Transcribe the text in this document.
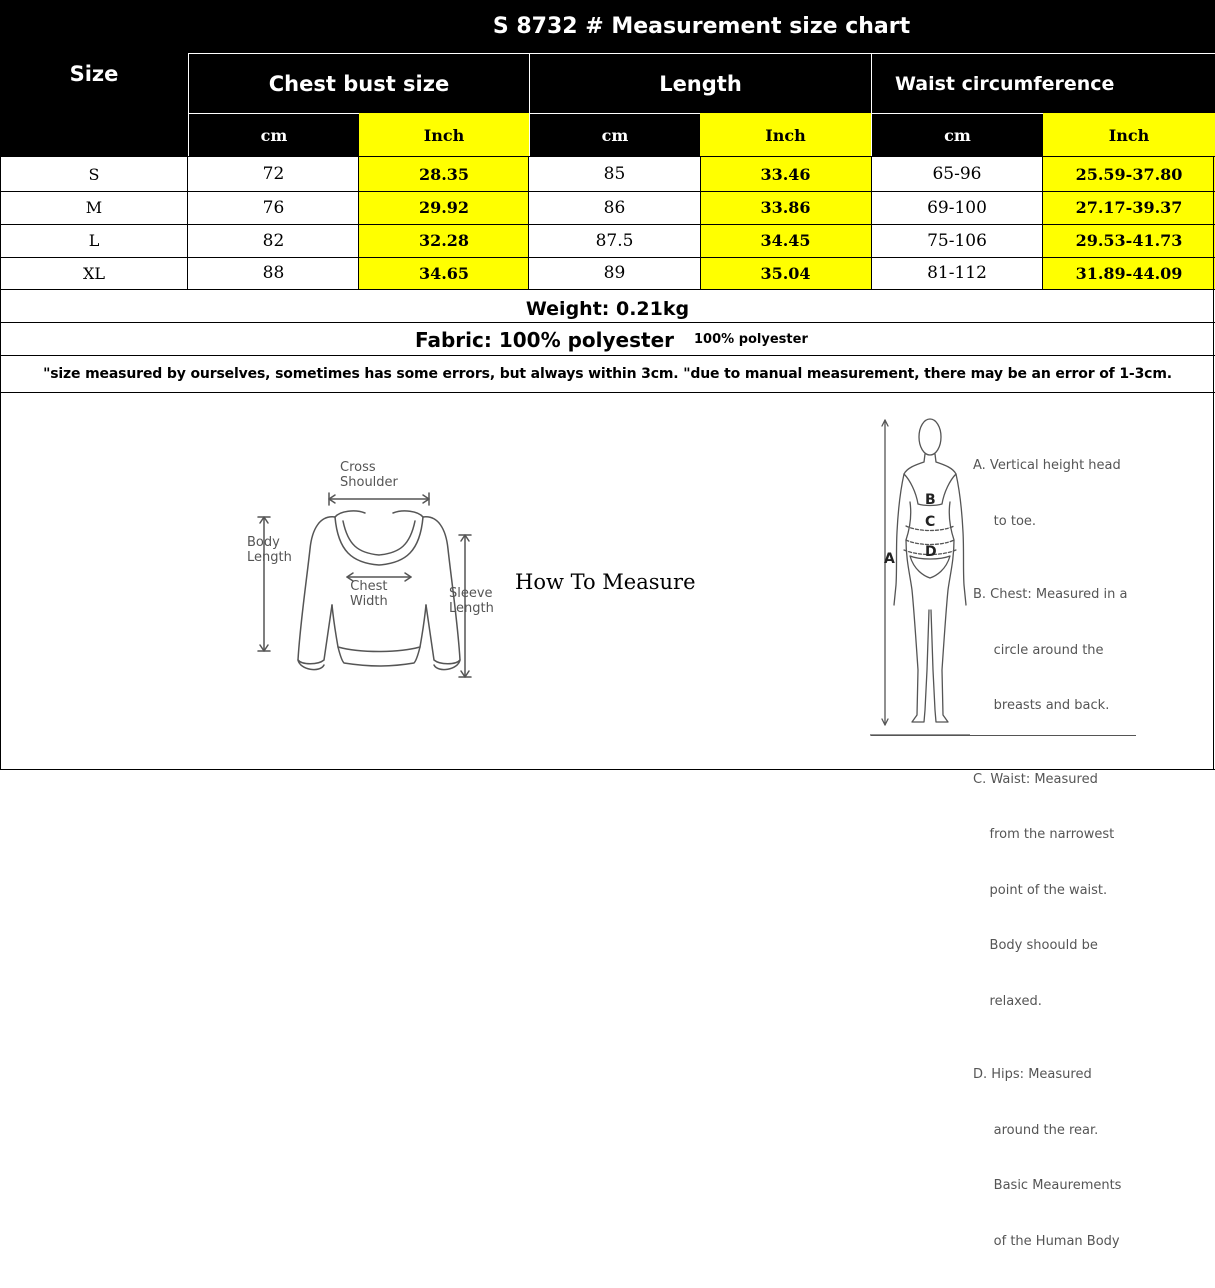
Size
S 8732 # Measurement size chart
Chest bust size	Length	Waist circumference
cm	Inch	cm	Inch	cm	Inch
S	72	28.35	85	33.46	65-96	25.59-37.80
M	76	29.92	86	33.86	69-100	27.17-39.37
L	82	32.28	87.5	34.45	75-106	29.53-41.73
XL	88	34.65	89	35.04	81-112	31.89-44.09
Weight: 0.21kg
Fabric: 100% polyester 100% polyester
"size measured by ourselves, sometimes has some errors, but always within 3cm. "due to manual measurement, there may be an error of 1-3cm.
Cross
Shoulder
Body
Length
Chest
Width
Sleeve
Length
How To Measure
A
B
C
D

A. Vertical height head

to toe.

B. Chest: Measured in a

circle around the

breasts and back.

C. Waist: Measured

from the narrowest

point of the waist.

Body shoould be

relaxed.

D. Hips: Measured

around the rear.

Basic Meaurements

of the Human Body
